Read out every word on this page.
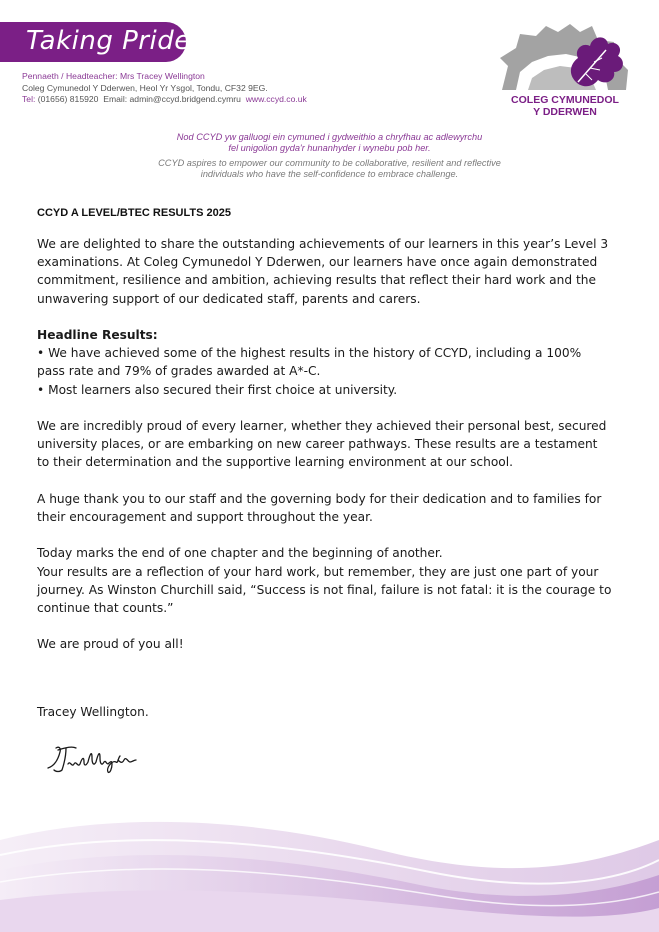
Taking Pride
Pennaeth / Headteacher: Mrs Tracey Wellington
Coleg Cymunedol Y Dderwen, Heol Yr Ysgol, Tondu, CF32 9EG.
Tel: (01656) 815920 Email: admin@ccyd.bridgend.cymru www.ccyd.co.uk	COLEG CYMUNEDOL
Y DDERWEN
Nod CCYD yw galluogi ein cymuned i gydweithio a chryfhau ac adlewyrchu
fel unigolion gyda'r hunanhyder i wynebu pob her.
CCYD aspires to empower our community to be collaborative, resilient and reflective
individuals who have the self-confidence to embrace challenge.
CCYD A LEVEL/BTEC RESULTS 2025

We are delighted to share the outstanding achievements of our learners in this year’s Level 3 examinations. At Coleg Cymunedol Y Dderwen, our learners have once again demonstrated commitment, resilience and ambition, achieving results that reflect their hard work and the unwavering support of our dedicated staff, parents and carers.

Headline Results:
• We have achieved some of the highest results in the history of CCYD, including a 100% pass rate and 79% of grades awarded at A*-C.
• Most learners also secured their first choice at university.

We are incredibly proud of every learner, whether they achieved their personal best, secured university places, or are embarking on new career pathways. These results are a testament to their determination and the supportive learning environment at our school.

A huge thank you to our staff and the governing body for their dedication and to families for their encouragement and support throughout the year.

Today marks the end of one chapter and the beginning of another.
Your results are a reflection of your hard work, but remember, they are just one part of your journey. As Winston Churchill said, “Success is not final, failure is not fatal: it is the courage to continue that counts.”

We are proud of you all!

Tracey Wellington.
